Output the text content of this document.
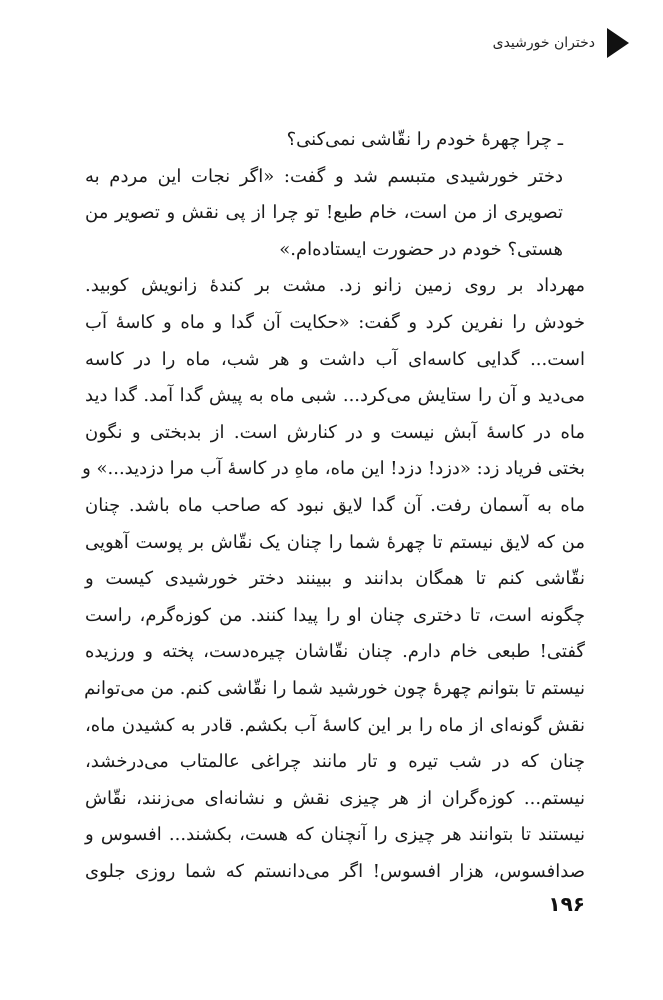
دختران خورشیدی
ـ چرا چهرۀ خودم را نقّاشی نمی‌کنی؟
دختر خورشیدی متبسم شد و گفت: «اگر نجات این مردم به
تصویری از من است، خام طبع! تو چرا از پی نقش و تصویر من
هستی؟ خودم در حضورت ایستاده‌ام.»
مهرداد بر روی زمین زانو زد. مشت بر کندۀ زانویش کوبید.
خودش را نفرین کرد و گفت: «حکایت آن گدا و ماه و کاسۀ آب
است... گدایی کاسه‌ای آب داشت و هر شب، ماه را در کاسه
می‌دید و آن را ستایش می‌کرد... شبی ماه به پیش گدا آمد. گدا دید
ماه در کاسۀ آبش نیست و در کنارش است. از بدبختی و نگون
بختی فریاد زد: «دزد! دزد! این ماه، ماهِ در کاسۀ آب مرا دزدید...» و
ماه به آسمان رفت. آن گدا لایق نبود که صاحب ماه باشد. چنان
من که لایق نیستم تا چهرۀ شما را چنان یک نقّاش بر پوست آهویی
نقّاشی کنم تا همگان بدانند و ببینند دختر خورشیدی کیست و
چگونه است، تا دختری چنان او را پیدا کنند. من کوزه‌گرم، راست
گفتی! طبعی خام دارم. چنان نقّاشان چیره‌دست، پخته و ورزیده
نیستم تا بتوانم چهرۀ چون خورشید شما را نقّاشی کنم. من می‌توانم
نقش گونه‌ای از ماه را بر این کاسۀ آب بکشم. قادر به کشیدن ماه،
چنان که در شب تیره و تار مانند چراغی عالمتاب می‌درخشد،
نیستم... کوزه‌گران از هر چیزی نقش و نشانه‌ای می‌زنند، نقّاش
نیستند تا بتوانند هر چیزی را آنچنان که هست، بکشند... افسوس و
صدافسوس، هزار افسوس! اگر می‌دانستم که شما روزی جلوی
۱۹۶
